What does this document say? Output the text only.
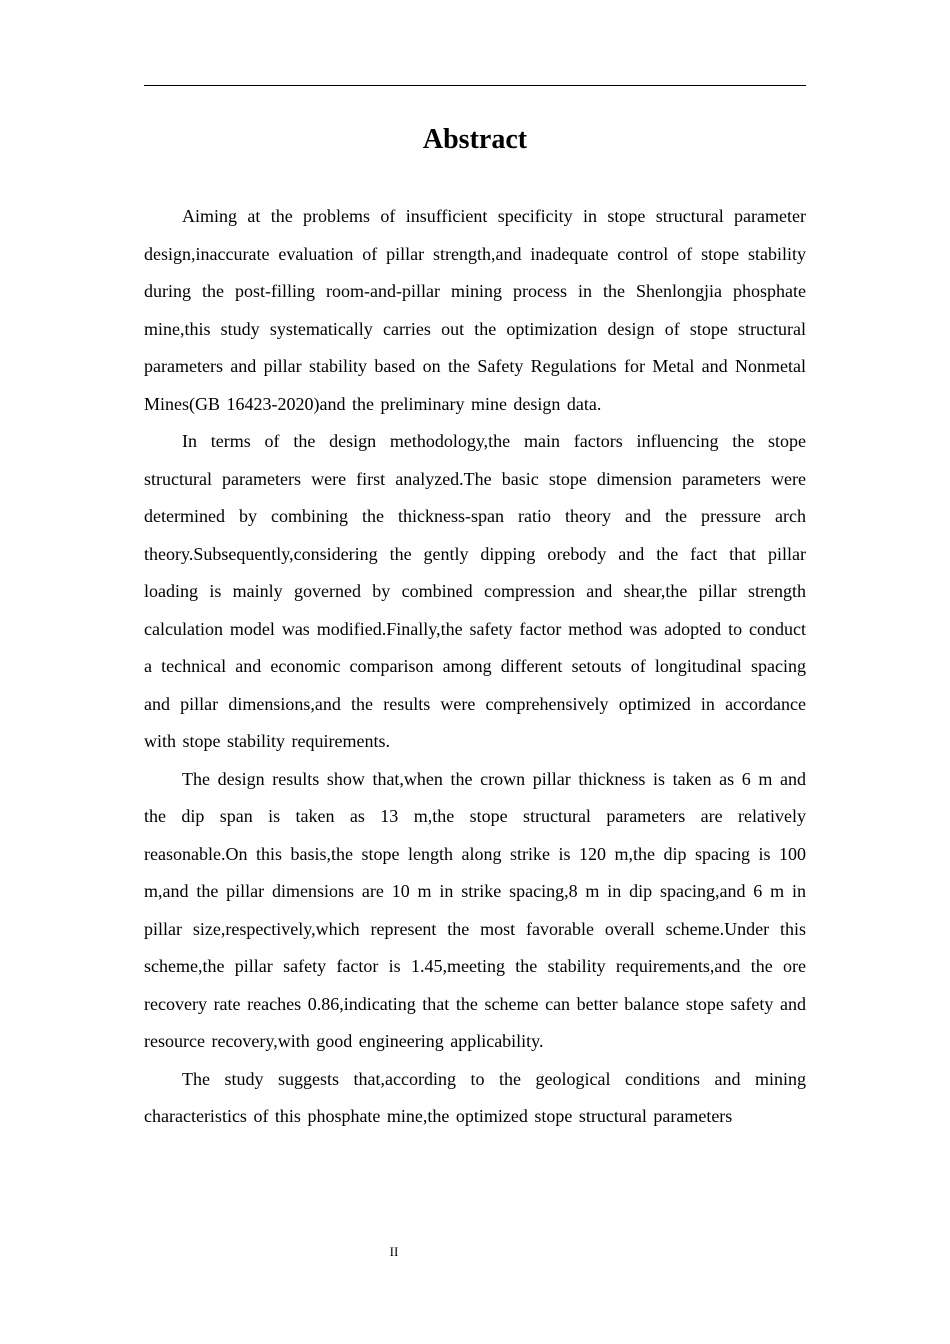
Abstract

Aiming at the problems of insufficient specificity in stope structural parameter design,inaccurate evaluation of pillar strength,and inadequate control of stope stability during the post-filling room-and-pillar mining process in the Shenlongjia phosphate mine,this study systematically carries out the optimization design of stope structural parameters and pillar stability based on the Safety Regulations for Metal and Nonmetal Mines(GB 16423-2020)and the preliminary mine design data.

In terms of the design methodology,the main factors influencing the stope structural parameters were first analyzed.The basic stope dimension parameters were determined by combining the thickness-span ratio theory and the pressure arch theory.Subsequently,considering the gently dipping orebody and the fact that pillar loading is mainly governed by combined compression and shear,the pillar strength calculation model was modified.Finally,the safety factor method was adopted to conduct a technical and economic comparison among different setouts of longitudinal spacing and pillar dimensions,and the results were comprehensively optimized in accordance with stope stability requirements.

The design results show that,when the crown pillar thickness is taken as 6 m and the dip span is taken as 13 m,the stope structural parameters are relatively reasonable.On this basis,the stope length along strike is 120 m,the dip spacing is 100 m,and the pillar dimensions are 10 m in strike spacing,8 m in dip spacing,and 6 m in pillar size,respectively,which represent the most favorable overall scheme.Under this scheme,the pillar safety factor is 1.45,meeting the stability requirements,and the ore recovery rate reaches 0.86,indicating that the scheme can better balance stope safety and resource recovery,with good engineering applicability.

The study suggests that,according to the geological conditions and mining characteristics of this phosphate mine,the optimized stope structural parameters

II
